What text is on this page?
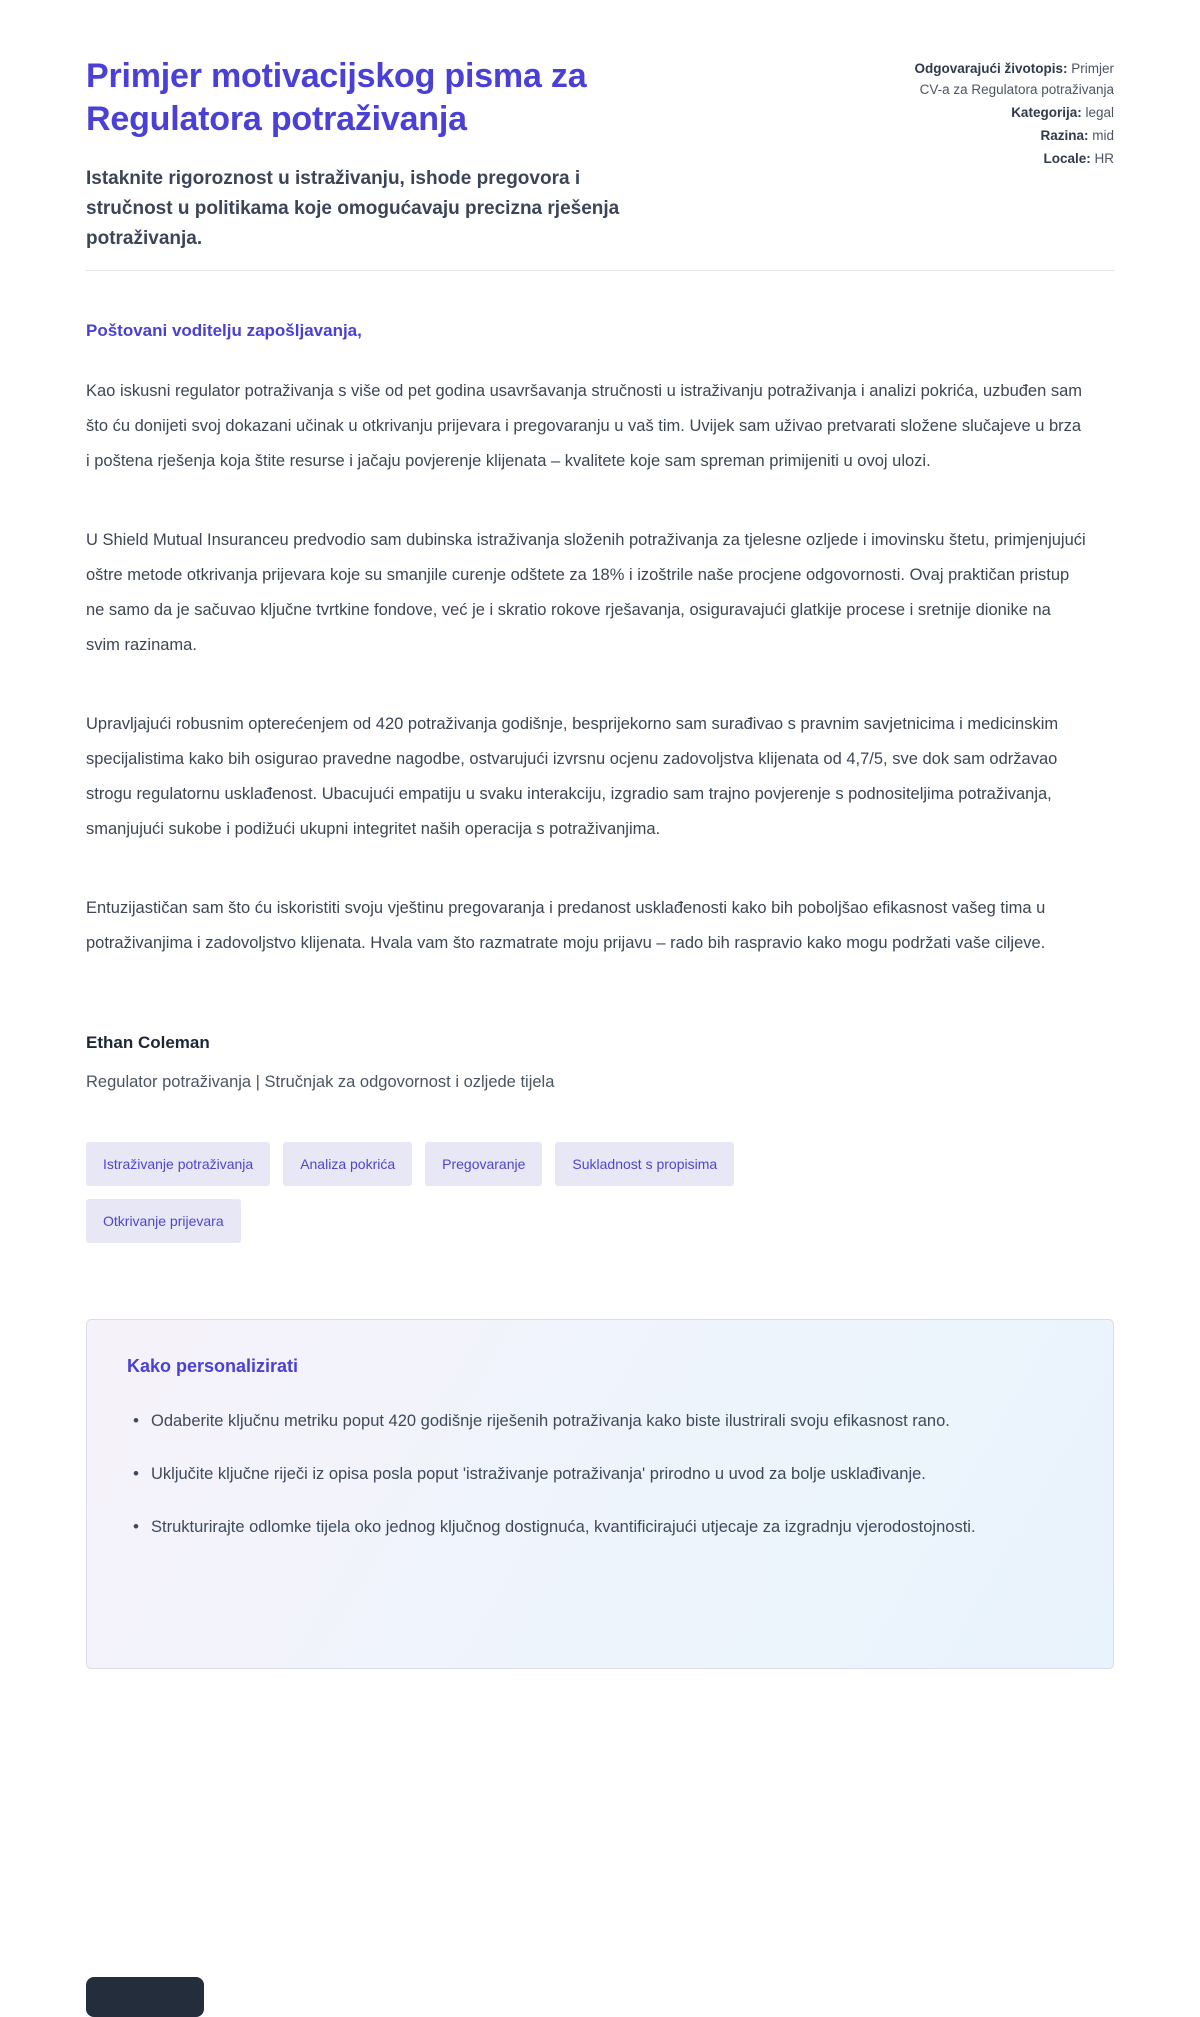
Primjer motivacijskog pisma za Regulatora potraživanja

Istaknite rigoroznost u istraživanju, ishode pregovora i stručnost u politikama koje omogućavaju precizna rješenja potraživanja.

Odgovarajući životopis: Primjer CV-a za Regulatora potraživanja

Kategorija: legal

Razina: mid

Locale: HR

Poštovani voditelju zapošljavanja,

Kao iskusni regulator potraživanja s više od pet godina usavršavanja stručnosti u istraživanju potraživanja i analizi pokrića, uzbuđen sam što ću donijeti svoj dokazani učinak u otkrivanju prijevara i pregovaranju u vaš tim. Uvijek sam uživao pretvarati složene slučajeve u brza i poštena rješenja koja štite resurse i jačaju povjerenje klijenata – kvalitete koje sam spreman primijeniti u ovoj ulozi.

U Shield Mutual Insuranceu predvodio sam dubinska istraživanja složenih potraživanja za tjelesne ozljede i imovinsku štetu, primjenjujući oštre metode otkrivanja prijevara koje su smanjile curenje odštete za 18% i izoštrile naše procjene odgovornosti. Ovaj praktičan pristup ne samo da je sačuvao ključne tvrtkine fondove, već je i skratio rokove rješavanja, osiguravajući glatkije procese i sretnije dionike na svim razinama.

Upravljajući robusnim opterećenjem od 420 potraživanja godišnje, besprijekorno sam surađivao s pravnim savjetnicima i medicinskim specijalistima kako bih osigurao pravedne nagodbe, ostvarujući izvrsnu ocjenu zadovoljstva klijenata od 4,7/5, sve dok sam održavao strogu regulatornu usklađenost. Ubacujući empatiju u svaku interakciju, izgradio sam trajno povjerenje s podnositeljima potraživanja, smanjujući sukobe i podižući ukupni integritet naših operacija s potraživanjima.

Entuzijastičan sam što ću iskoristiti svoju vještinu pregovaranja i predanost usklađenosti kako bih poboljšao efikasnost vašeg tima u potraživanjima i zadovoljstvo klijenata. Hvala vam što razmatrate moju prijavu – rado bih raspravio kako mogu podržati vaše ciljeve.

Ethan Coleman

Regulator potraživanja | Stručnjak za odgovornost i ozljede tijela

Istraživanje potraživanja	Analiza pokrića	Pregovaranje	Sukladnost s propisima
Otkrivanje prijevara
Kako personalizirati
• Odaberite ključnu metriku poput 420 godišnje riješenih potraživanja kako biste ilustrirali svoju efikasnost rano.
• Uključite ključne riječi iz opisa posla poput 'istraživanje potraživanja' prirodno u uvod za bolje usklađivanje.
• Strukturirajte odlomke tijela oko jednog ključnog dostignuća, kvantificirajući utjecaje za izgradnju vjerodostojnosti.
